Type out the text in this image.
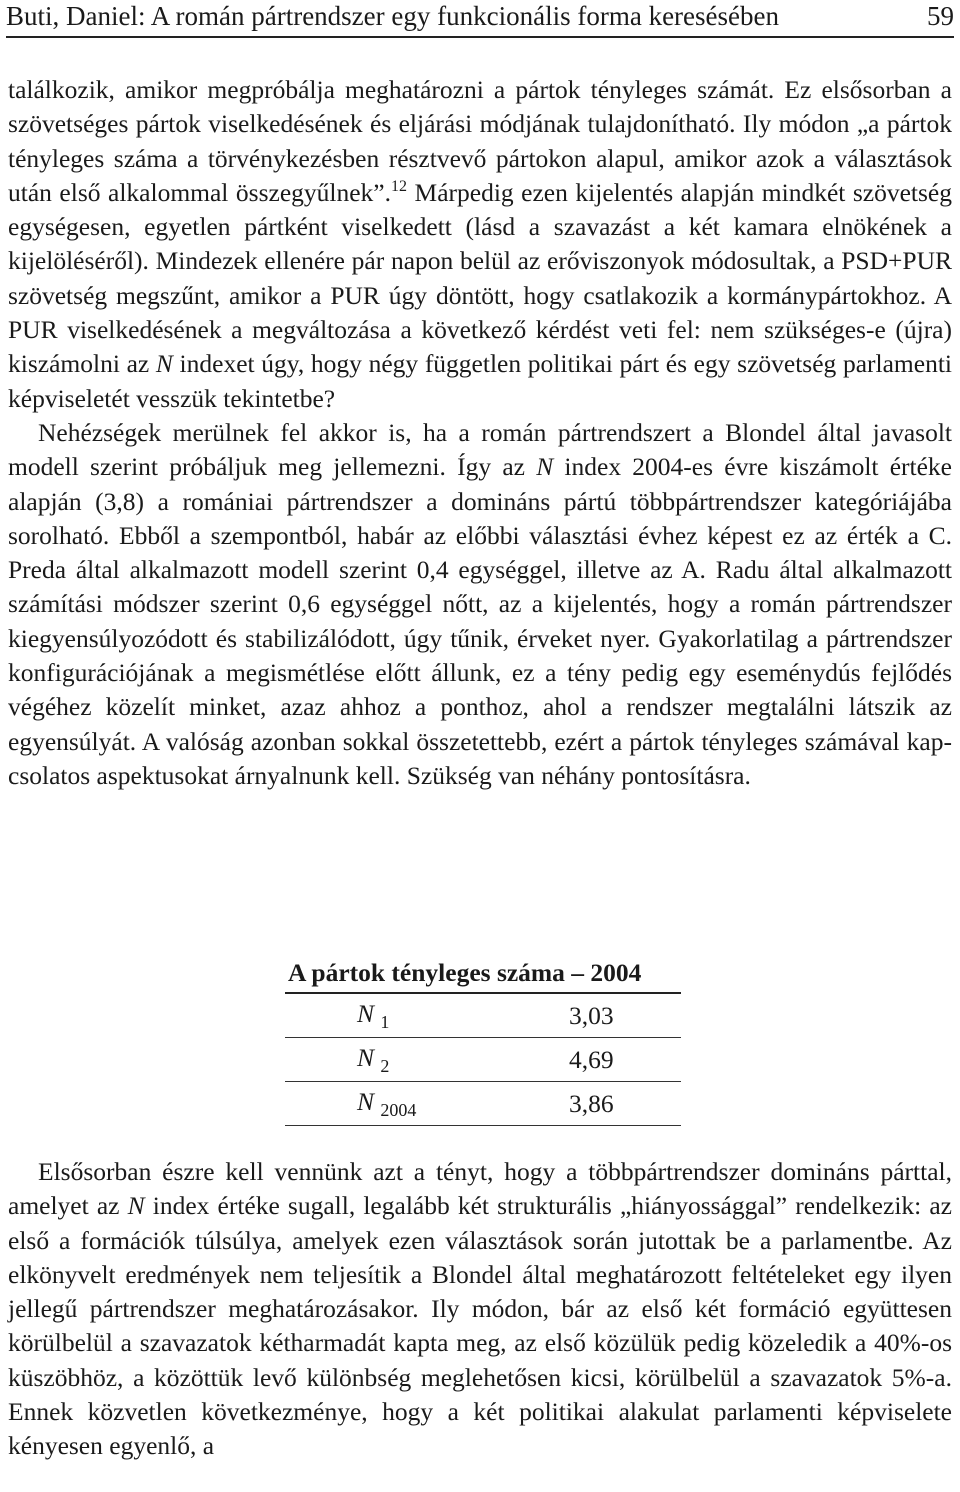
Buti, Daniel: A román pártrendszer egy funkcionális forma keresésében	59

találkozik, amikor megpróbálja meghatározni a pártok tényleges számát. Ez elsősorban a szövetséges pártok viselkedésének és eljárási módjának tulajdonítható. Ily módon „a pártok tényleges száma a törvénykezésben résztvevő pártokon alapul, amikor azok a választások után első alkalommal összegyűlnek”.$^{12}$ Márpedig ezen kijelentés alapján mindkét szövetség egységesen, egyetlen pártként viselkedett (lásd a szavazást a két kamara elnökének a kijelöléséről). Mindezek ellenére pár napon belül az erőviszonyok módosultak, a PSD+PUR szövetség megszűnt, amikor a PUR úgy döntött, hogy csatlakozik a kormánypártokhoz. A PUR viselkedésének a megváltozása a következő kérdést veti fel: nem szükséges-e (újra) kiszámolni az N indexet úgy, hogy négy független politikai párt és egy szövetség parlamenti képviseletét vesszük tekintetbe?

Nehézségek merülnek fel akkor is, ha a román pártrendszert a Blondel által javasolt modell szerint próbáljuk meg jellemezni. Így az N index 2004-es évre kiszámolt értéke alapján (3,8) a romániai pártrendszer a domináns pártú többpártrendszer kategóriájába sorolható. Ebből a szempontból, habár az előbbi választási évhez képest ez az érték a C. Preda által alkalmazott modell szerint 0,4 egységgel, illetve az A. Radu által alkalmazott számítási módszer szerint 0,6 egységgel nőtt, az a kijelentés, hogy a román pártrendszer kiegyensúlyozódott és stabilizálódott, úgy tűnik, érveket nyer. Gyakorlatilag a pártrendszer konfigurációjának a megismétlése előtt állunk, ez a tény pedig egy eseménydús fejlődés végéhez közelít minket, azaz ahhoz a ponthoz, ahol a rendszer megtalálni látszik az egyensúlyát. A valóság azonban sokkal összetettebb, ezért a pártok tényleges számával kapcsolatos aspektusokat árnyalnunk kell. Szükség van néhány pontosításra.

A pártok tényleges száma – 2004
N $_1$	3,03
N $_2$	4,69
N $_{2004}$	3,86

Elsősorban észre kell vennünk azt a tényt, hogy a többpártrendszer domináns párttal, amelyet az N index értéke sugall, legalább két strukturális „hiányossággal” rendelkezik: az első a formációk túlsúlya, amelyek ezen választások során jutottak be a parlamentbe. Az elkönyvelt eredmények nem teljesítik a Blondel által meghatározott feltételeket egy ilyen jellegű pártrendszer meghatározásakor. Ily módon, bár az első két formáció együttesen körülbelül a szavazatok kétharmadát kapta meg, az első közülük pedig közeledik a 40%-os küszöbhöz, a közöttük levő különbség meglehetősen kicsi, körülbelül a szavazatok 5%-a. Ennek közvetlen következménye, hogy a két politikai alakulat parlamenti képviselete kényesen egyenlő, a
